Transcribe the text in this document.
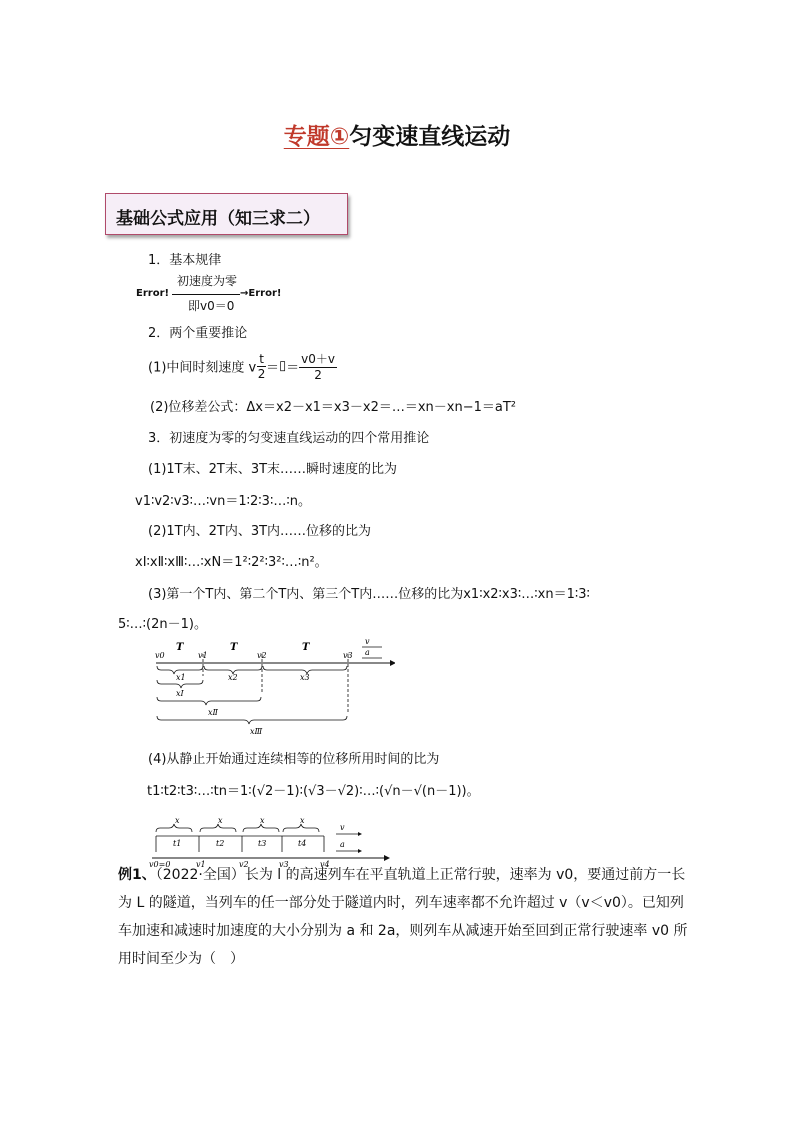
专题①匀变速直线运动
基础公式应用（知三求二）
1．基本规律
Error!
初速度为零
即v0＝0
→Error!
2．两个重要推论
(1)中间时刻速度 v $\frac{t}{2}$ ＝▯＝ $\frac{v0+v}{2}$
(2)位移差公式：Δx＝x2－x1＝x3－x2＝…＝xn－xn−1＝aT²
3．初速度为零的匀变速直线运动的四个常用推论
(1)1T末、2T末、3T末……瞬时速度的比为
v1∶v2∶v3∶…∶vn＝1∶2∶3∶…∶n。
(2)1T内、2T内、3T内……位移的比为
xⅠ∶xⅡ∶xⅢ∶…∶xN＝1²∶2²∶3²∶…∶n²。
(3)第一个T内、第二个T内、第三个T内……位移的比为x1∶x2∶x3∶…∶xn＝1∶3∶
5∶…∶(2n－1)。
v0	v1	v2	v3
T	T	T
v
a
x1	x2	x3
xⅠ
xⅡ
xⅢ
(4)从静止开始通过连续相等的位移所用时间的比为
t1∶t2∶t3∶…∶tn＝1∶(√2－1)∶(√3－√2)∶…∶(√n－√(n－1))。
x	x	x	x
t1	t2	t3	t4
v0=0	v1	v2	v3	v4
v
a
例1、（2022·全国）长为 l 的高速列车在平直轨道上正常行驶，速率为 v0，要通过前方一长
为 L 的隧道，当列车的任一部分处于隧道内时，列车速率都不允许超过 v（v＜v0）。已知列
车加速和减速时加速度的大小分别为 a 和 2a，则列车从减速开始至回到正常行驶速率 v0 所
用时间至少为（　）
